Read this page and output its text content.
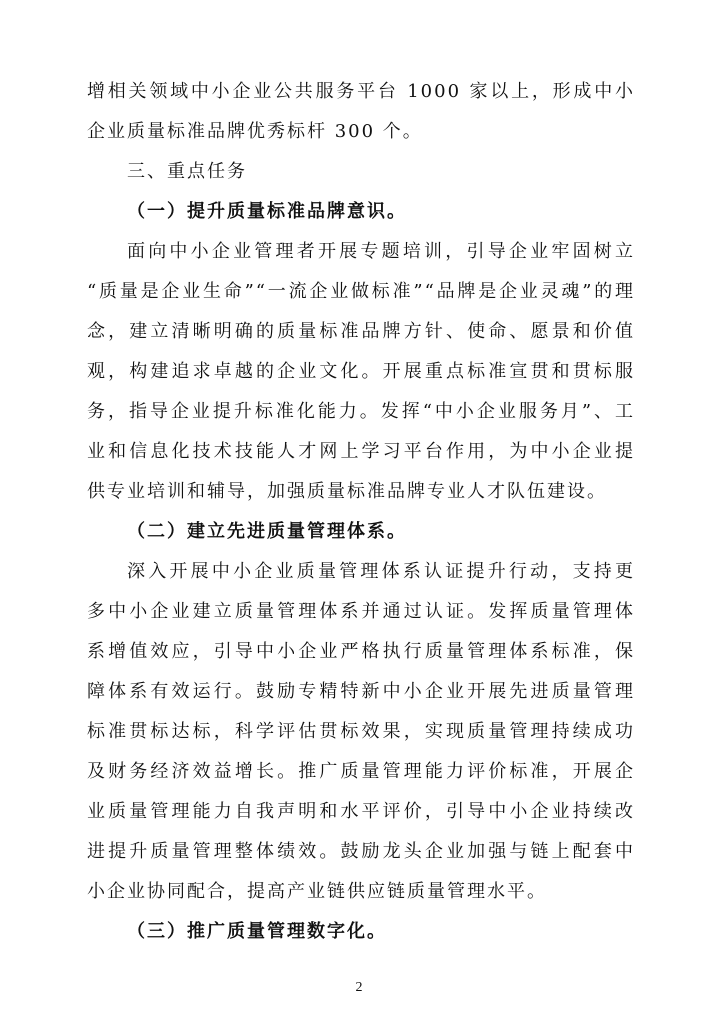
增相关领域中小企业公共服务平台 1000 家以上，形成中小
企业质量标准品牌优秀标杆 300 个。
三、重点任务
（一）提升质量标准品牌意识。
面向中小企业管理者开展专题培训，引导企业牢固树立
“质量是企业生命”“一流企业做标准”“品牌是企业灵魂”的理
念，建立清晰明确的质量标准品牌方针、使命、愿景和价值
观，构建追求卓越的企业文化。开展重点标准宣贯和贯标服
务，指导企业提升标准化能力。发挥“中小企业服务月”、工
业和信息化技术技能人才网上学习平台作用，为中小企业提
供专业培训和辅导，加强质量标准品牌专业人才队伍建设。
（二）建立先进质量管理体系。
深入开展中小企业质量管理体系认证提升行动，支持更
多中小企业建立质量管理体系并通过认证。发挥质量管理体
系增值效应，引导中小企业严格执行质量管理体系标准，保
障体系有效运行。鼓励专精特新中小企业开展先进质量管理
标准贯标达标，科学评估贯标效果，实现质量管理持续成功
及财务经济效益增长。推广质量管理能力评价标准，开展企
业质量管理能力自我声明和水平评价，引导中小企业持续改
进提升质量管理整体绩效。鼓励龙头企业加强与链上配套中
小企业协同配合，提高产业链供应链质量管理水平。
（三）推广质量管理数字化。
2
